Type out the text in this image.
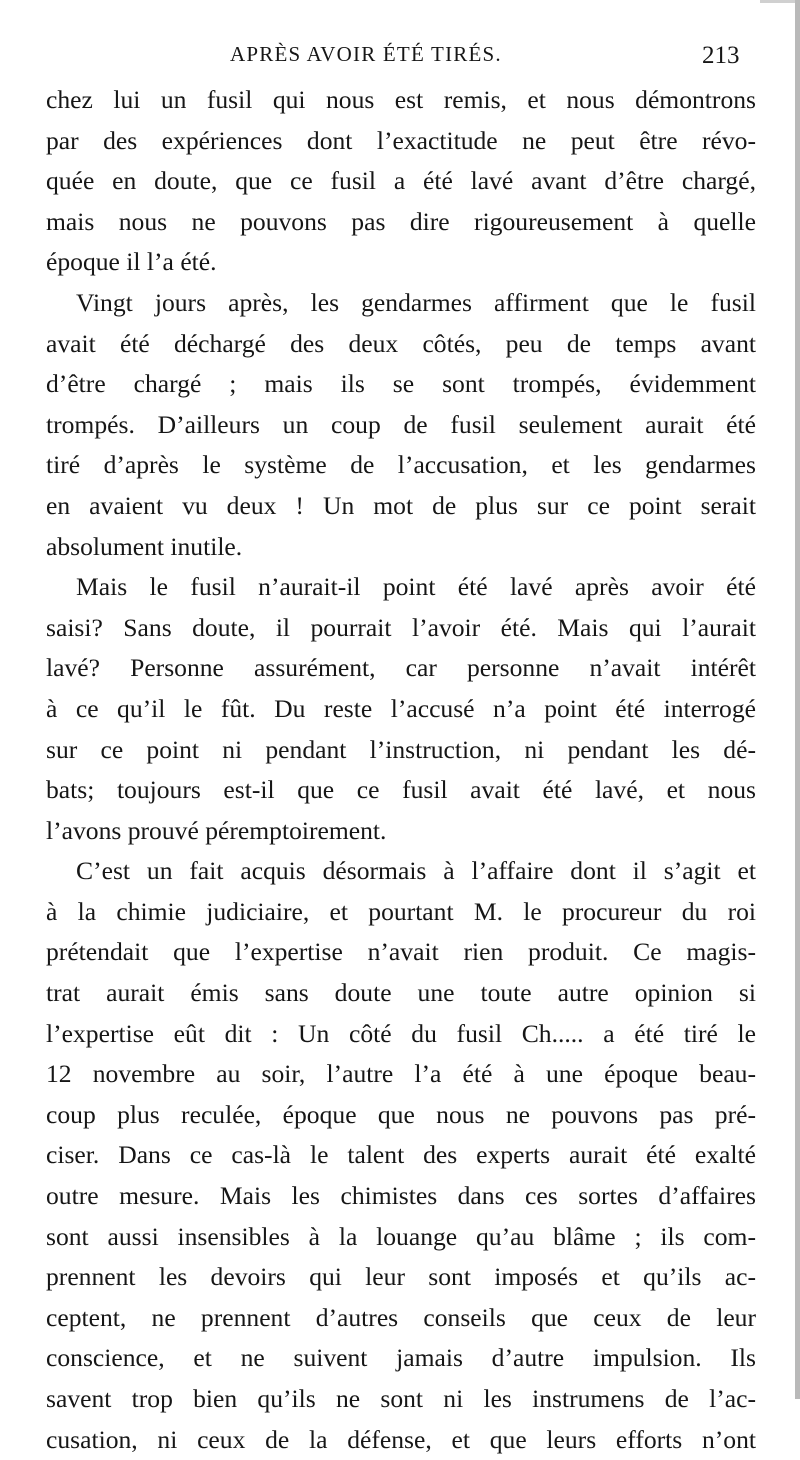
APRÈS AVOIR ÉTÉ TIRÉS.	213
chez lui un fusil qui nous est remis, et nous démontrons
par des expériences dont l’exactitude ne peut être révo-
quée en doute, que ce fusil a été lavé avant d’être chargé,
mais nous ne pouvons pas dire rigoureusement à quelle
époque il l’a été.
Vingt jours après, les gendarmes affirment que le fusil
avait été déchargé des deux côtés, peu de temps avant
d’être chargé ; mais ils se sont trompés, évidemment
trompés. D’ailleurs un coup de fusil seulement aurait été
tiré d’après le système de l’accusation, et les gendarmes
en avaient vu deux ! Un mot de plus sur ce point serait
absolument inutile.
Mais le fusil n’aurait-il point été lavé après avoir été
saisi? Sans doute, il pourrait l’avoir été. Mais qui l’aurait
lavé? Personne assurément, car personne n’avait intérêt
à ce qu’il le fût. Du reste l’accusé n’a point été interrogé
sur ce point ni pendant l’instruction, ni pendant les dé-
bats; toujours est-il que ce fusil avait été lavé, et nous
l’avons prouvé péremptoirement.
C’est un fait acquis désormais à l’affaire dont il s’agit et
à la chimie judiciaire, et pourtant M. le procureur du roi
prétendait que l’expertise n’avait rien produit. Ce magis-
trat aurait émis sans doute une toute autre opinion si
l’expertise eût dit : Un côté du fusil Ch..... a été tiré le
12 novembre au soir, l’autre l’a été à une époque beau-
coup plus reculée, époque que nous ne pouvons pas pré-
ciser. Dans ce cas-là le talent des experts aurait été exalté
outre mesure. Mais les chimistes dans ces sortes d’affaires
sont aussi insensibles à la louange qu’au blâme ; ils com-
prennent les devoirs qui leur sont imposés et qu’ils ac-
ceptent, ne prennent d’autres conseils que ceux de leur
conscience, et ne suivent jamais d’autre impulsion. Ils
savent trop bien qu’ils ne sont ni les instrumens de l’ac-
cusation, ni ceux de la défense, et que leurs efforts n’ont
